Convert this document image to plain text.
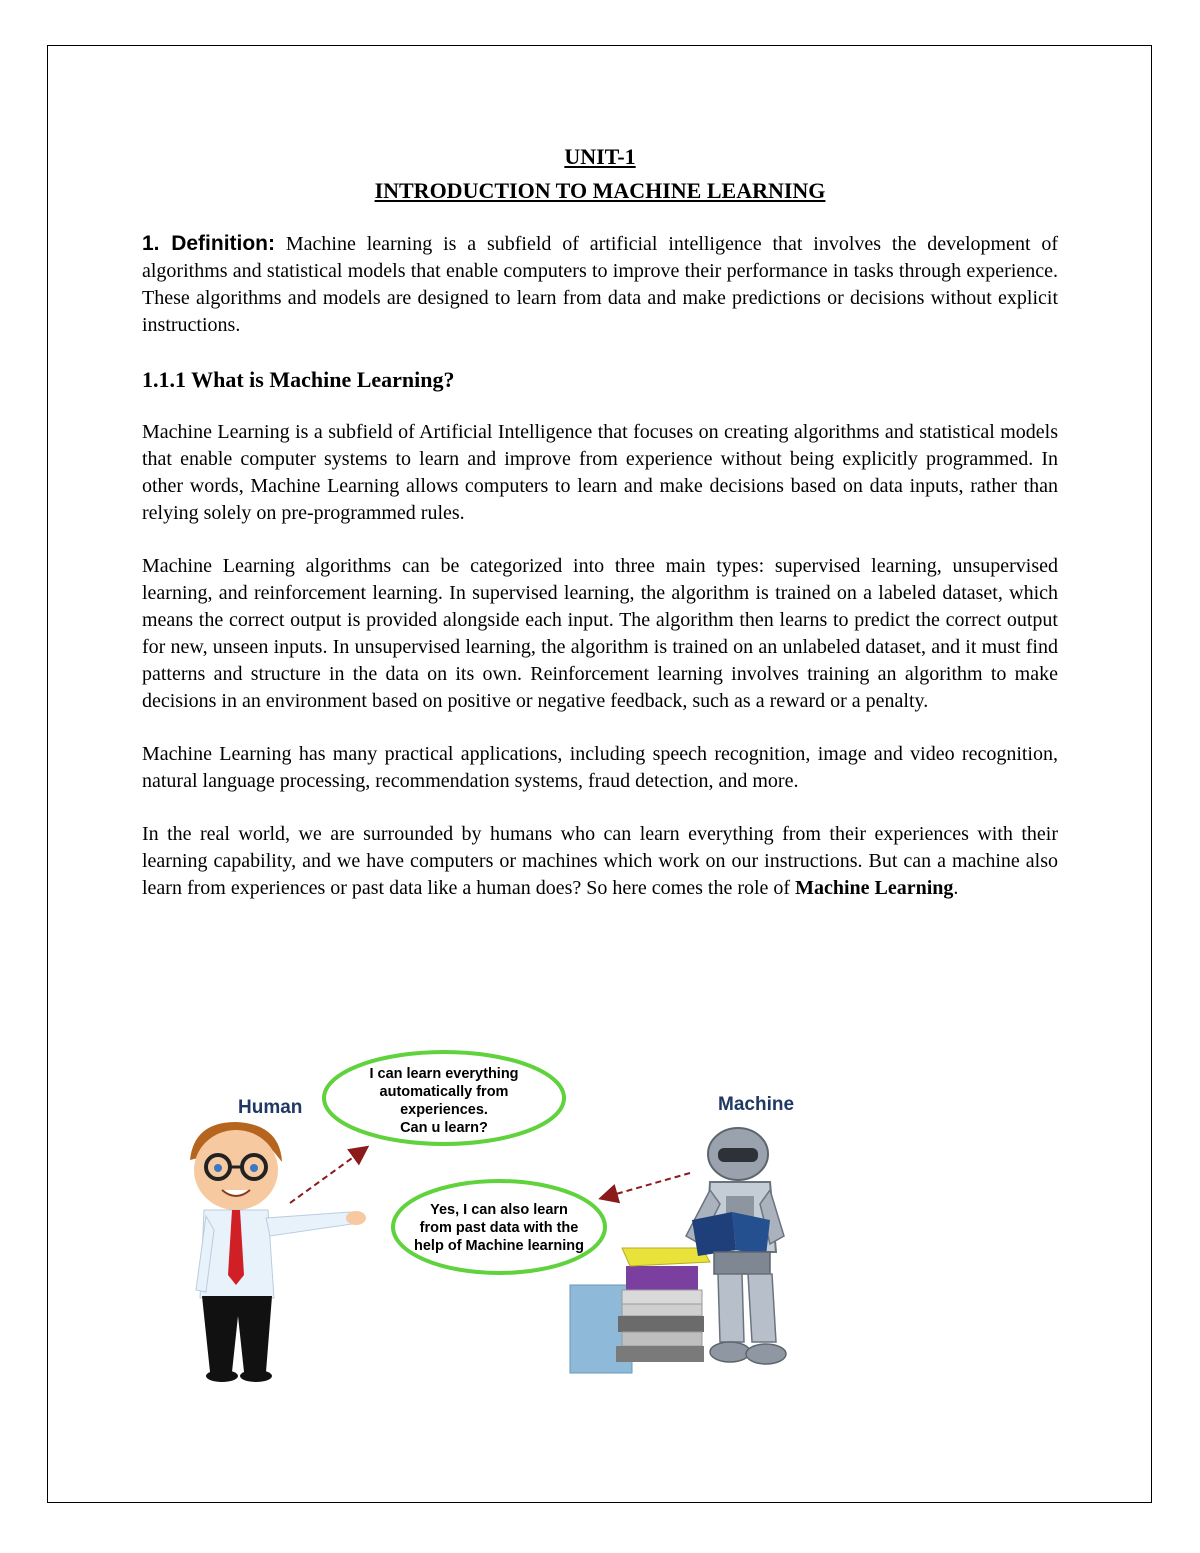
UNIT-1
INTRODUCTION TO MACHINE LEARNING

1. Definition: Machine learning is a subfield of artificial intelligence that involves the development of algorithms and statistical models that enable computers to improve their performance in tasks through experience. These algorithms and models are designed to learn from data and make predictions or decisions without explicit instructions.

1.1.1 What is Machine Learning?

Machine Learning is a subfield of Artificial Intelligence that focuses on creating algorithms and statistical models that enable computer systems to learn and improve from experience without being explicitly programmed. In other words, Machine Learning allows computers to learn and make decisions based on data inputs, rather than relying solely on pre-programmed rules.

Machine Learning algorithms can be categorized into three main types: supervised learning, unsupervised learning, and reinforcement learning. In supervised learning, the algorithm is trained on a labeled dataset, which means the correct output is provided alongside each input. The algorithm then learns to predict the correct output for new, unseen inputs. In unsupervised learning, the algorithm is trained on an unlabeled dataset, and it must find patterns and structure in the data on its own. Reinforcement learning involves training an algorithm to make decisions in an environment based on positive or negative feedback, such as a reward or a penalty.

Machine Learning has many practical applications, including speech recognition, image and video recognition, natural language processing, recommendation systems, fraud detection, and more.

In the real world, we are surrounded by humans who can learn everything from their experiences with their learning capability, and we have computers or machines which work on our instructions. But can a machine also learn from experiences or past data like a human does? So here comes the role of Machine Learning.

Human	Machine
I can learn everything
automatically from
experiences.
Can u learn?
Yes, I can also learn
from past data with the
help of Machine learning
